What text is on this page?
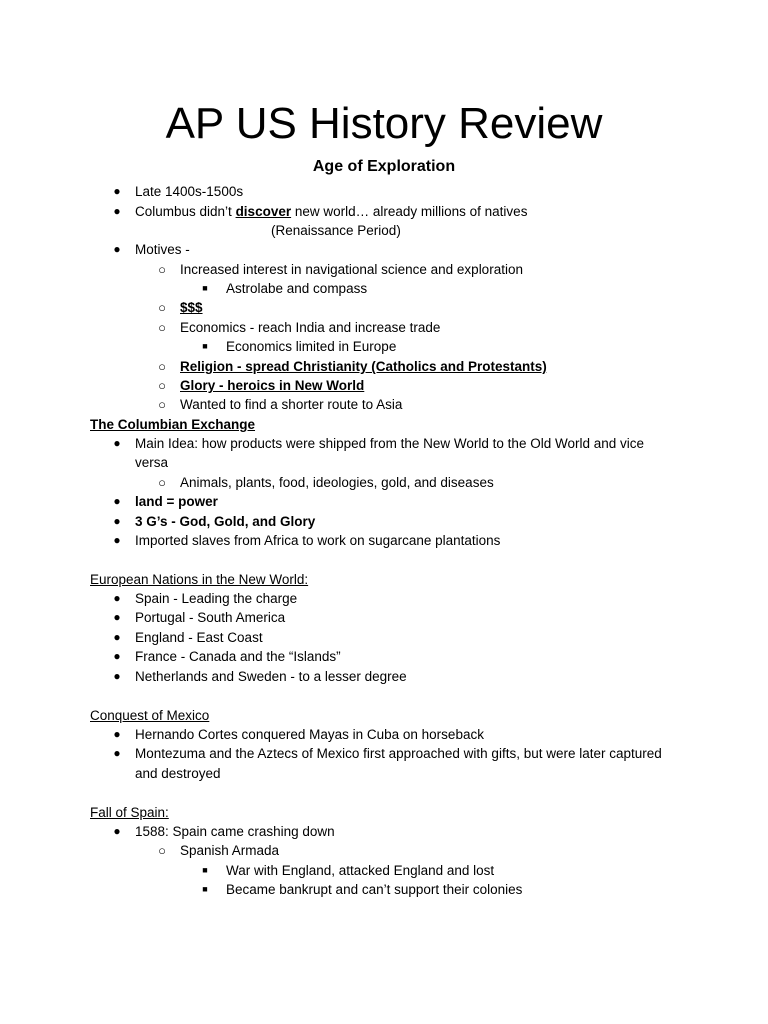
AP US History Review
Age of Exploration
● Late 1400s-1500s
● Columbus didn’t discover new world… already millions of natives
(Renaissance Period)
● Motives -
○ Increased interest in navigational science and exploration
■	Astrolabe and compass
○ $$$
○ Economics - reach India and increase trade
■	Economics limited in Europe
○ Religion - spread Christianity (Catholics and Protestants)
○ Glory - heroics in New World
○ Wanted to find a shorter route to Asia
The Columbian Exchange
● Main Idea: how products were shipped from the New World to the Old World and vice
versa
○ Animals, plants, food, ideologies, gold, and diseases
● land = power
● 3 G’s - God, Gold, and Glory
● Imported slaves from Africa to work on sugarcane plantations
European Nations in the New World:
● Spain - Leading the charge
● Portugal - South America
● England - East Coast
● France - Canada and the “Islands”
● Netherlands and Sweden - to a lesser degree
Conquest of Mexico
● Hernando Cortes conquered Mayas in Cuba on horseback
● Montezuma and the Aztecs of Mexico first approached with gifts, but were later captured
and destroyed
Fall of Spain:
● 1588: Spain came crashing down
○ Spanish Armada
■	War with England, attacked England and lost
■	Became bankrupt and can’t support their colonies
